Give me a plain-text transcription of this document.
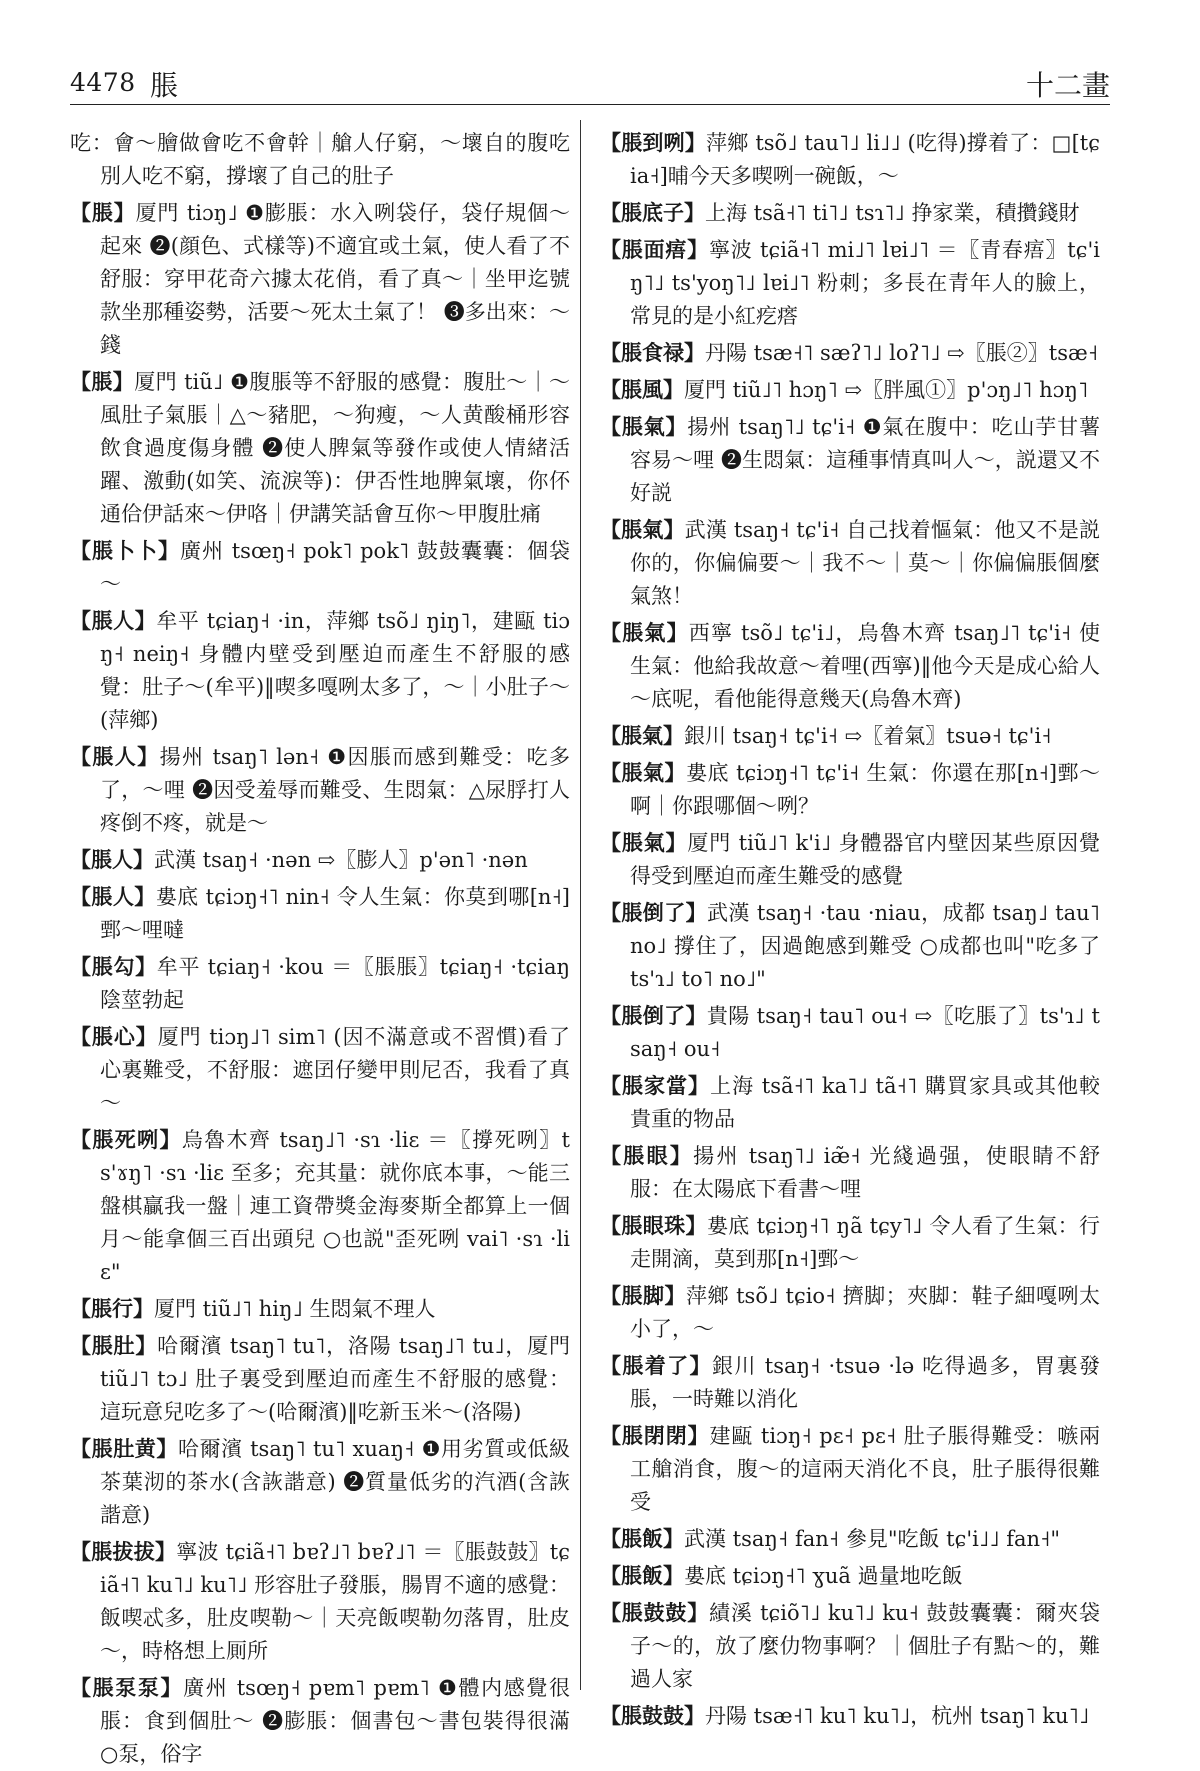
4478 脹	十二畫

吃：會～膾做會吃不會幹｜艙人仔窮，～壞自的腹吃別人吃不窮，撐壞了自己的肚子

【脹】厦門 tiɔŋ˩ ❶膨脹：水入咧袋仔，袋仔規個～起來 ❷(顔色、式樣等)不適宜或土氣，使人看了不舒服：穿甲花奇六據太花俏，看了真～｜坐甲迄號款坐那種姿勢，活要～死太土氣了！ ❸多出來：～錢

【脹】厦門 tiũ˩ ❶腹脹等不舒服的感覺：腹肚～｜～風肚子氣脹｜△～豬肥，～狗瘦，～人黄酸桶形容飲食過度傷身體 ❷使人脾氣等發作或使人情緒活躍、激動(如笑、流淚等)：伊否性地脾氣壞，你伓通佮伊話來～伊咯｜伊講笑話會互你～甲腹肚痛

【脹卜卜】廣州 tsœŋ˧ pok˥ pok˥ 鼓鼓囊囊：個袋～

【脹人】牟平 tɕiaŋ˧ ·in，萍鄉 tsõ˩ ŋiŋ˥，建甌 tiɔŋ˧ neiŋ˧ 身體内壁受到壓迫而產生不舒服的感覺：肚子～(牟平)‖喫多嘎咧太多了，～｜小肚子～(萍鄉)

【脹人】揚州 tsaŋ˥ lən˧ ❶因脹而感到難受：吃多了，～哩 ❷因受羞辱而難受、生悶氣：△尿脬打人疼倒不疼，就是～

【脹人】武漢 tsaŋ˧ ·nən ⇨〖膨人〗p'ən˥ ·nən

【脹人】婁底 tɕiɔŋ˧˥ nin˧ 令人生氣：你莫到哪[n˧]鄄～哩噠

【脹勾】牟平 tɕiaŋ˧ ·kou ＝〖脹脹〗tɕiaŋ˧ ·tɕiaŋ 陰莖勃起

【脹心】厦門 tiɔŋ˩˥ sim˥ (因不滿意或不習慣)看了心裏難受，不舒服：遮囝仔變甲則尼否，我看了真～

【脹死咧】烏魯木齊 tsaŋ˩˥ ·sɿ ·liɛ ＝〖撐死咧〗ts'ɤŋ˥ ·sɿ ·liɛ 至多；充其量：就你底本事，～能三盤棋贏我一盤｜連工資帶獎金海麥斯全都算上一個月～能拿個三百出頭兒 ○也説"歪死咧 vai˥ ·sɿ ·liɛ"

【脹行】厦門 tiũ˩˥ hiŋ˩ 生悶氣不理人

【脹肚】哈爾濱 tsaŋ˥ tu˥，洛陽 tsaŋ˩˥ tu˩，厦門 tiũ˩˥ tɔ˩ 肚子裏受到壓迫而產生不舒服的感覺：這玩意兒吃多了～(哈爾濱)‖吃新玉米～(洛陽)

【脹肚黄】哈爾濱 tsaŋ˥ tu˥ xuaŋ˧ ❶用劣質或低級茶葉沏的茶水(含詼諧意) ❷質量低劣的汽酒(含詼諧意)

【脹拔拔】寧波 tɕiã˧˥ bɐʔ˩˥ bɐʔ˩˥ ＝〖脹鼓鼓〗tɕiã˧˥ ku˥˩ ku˥˩ 形容肚子發脹，腸胃不適的感覺：飯喫忒多，肚皮喫勒～｜天亮飯喫勒勿落胃，肚皮～，時格想上厠所

【脹泵泵】廣州 tsœŋ˧ pɐm˥ pɐm˥ ❶體内感覺很脹：食到個肚～ ❷膨脹：個書包～書包裝得很滿 ○泵，俗字

【脹到咧】萍鄉 tsõ˩ tau˥˩ li˩˩ (吃得)撐着了：□[tɕia˧]晡今天多喫咧一碗飯，～

【脹底子】上海 tsã˧˥ ti˥˩ tsɿ˥˩ 挣家業，積攢錢財

【脹面痦】寧波 tɕiã˧˥ mi˩˥ lɐi˩˥ ＝〖青春痦〗tɕ'iŋ˥˩ ts'yoŋ˥˩ lɐi˩˥ 粉刺；多長在青年人的臉上，常見的是小紅疙瘩

【脹食禄】丹陽 tsæ˧˥ sæʔ˥˩ loʔ˥˩ ⇨〖脹②〗tsæ˧

【脹風】厦門 tiũ˩˥ hɔŋ˥ ⇨〖胖風①〗p'ɔŋ˩˥ hɔŋ˥

【脹氣】揚州 tsaŋ˥˩ tɕ'i˧ ❶氣在腹中：吃山芋甘薯容易～哩 ❷生悶氣：這種事情真叫人～，説還又不好説

【脹氣】武漢 tsaŋ˧ tɕ'i˧ 自己找着慪氣：他又不是説你的，你偏偏要～｜我不～｜莫～｜你偏偏脹個麼氣煞！

【脹氣】西寧 tsõ˩ tɕ'i˩，烏魯木齊 tsaŋ˩˥ tɕ'i˧ 使生氣：他給我故意～着哩(西寧)‖他今天是成心給人～底呢，看他能得意幾天(烏魯木齊)

【脹氣】銀川 tsaŋ˧ tɕ'i˧ ⇨〖着氣〗tsuə˧ tɕ'i˧

【脹氣】婁底 tɕiɔŋ˧˥ tɕ'i˧ 生氣：你還在那[n˧]鄄～啊｜你跟哪個～咧？

【脹氣】厦門 tiũ˩˥ k'i˩ 身體器官内壁因某些原因覺得受到壓迫而產生難受的感覺

【脹倒了】武漢 tsaŋ˧ ·tau ·niau，成都 tsaŋ˩ tau˥ no˩ 撐住了，因過飽感到難受 ○成都也叫"吃多了 ts'ɿ˩ to˥ no˩"

【脹倒了】貴陽 tsaŋ˧ tau˥ ou˧ ⇨〖吃脹了〗ts'ɿ˩ tsaŋ˧ ou˧

【脹家當】上海 tsã˧˥ ka˥˩ tã˧˥ 購買家具或其他較貴重的物品

【脹眼】揚州 tsaŋ˥˩ iæ̃˧ 光綫過强，使眼睛不舒服：在太陽底下看書～哩

【脹眼珠】婁底 tɕiɔŋ˧˥ ŋã tɕy˥˩ 令人看了生氣：行走開滴，莫到那[n˧]鄄～

【脹脚】萍鄉 tsõ˩ tɕio˧ 擠脚；夾脚：鞋子細嘎咧太小了，～

【脹着了】銀川 tsaŋ˧ ·tsuə ·lə 吃得過多，胃裏發脹，一時難以消化

【脹閉閉】建甌 tiɔŋ˧ pɛ˧ pɛ˧ 肚子脹得難受：嗾兩工艙消食，腹～的這兩天消化不良，肚子脹得很難受

【脹飯】武漢 tsaŋ˧ fan˧ 參見"吃飯 tɕ'i˩˩ fan˧"

【脹飯】婁底 tɕiɔŋ˧˥ ɣuã 過量地吃飯

【脹鼓鼓】績溪 tɕiõ˥˩ ku˥˩ ku˧ 鼓鼓囊囊：爾夾袋子～的，放了麼仂物事啊？｜個肚子有點～的，難過人家

【脹鼓鼓】丹陽 tsæ˧˥ ku˥ ku˥˩，杭州 tsaŋ˥ ku˥˩
